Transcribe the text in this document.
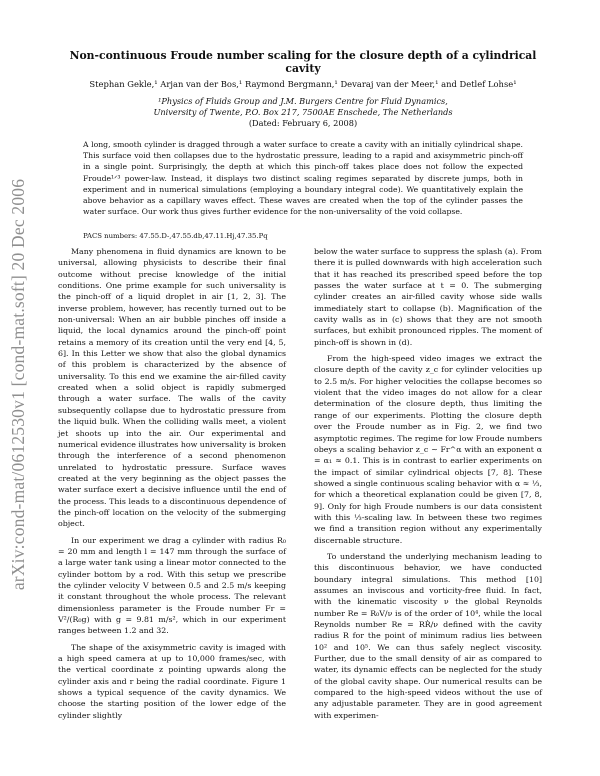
arXiv:cond-mat/0612530v1 [cond-mat.soft] 20 Dec 2006
Non-continuous Froude number scaling for the closure depth of a cylindrical cavity
Stephan Gekle,¹ Arjan van der Bos,¹ Raymond Bergmann,¹ Devaraj van der Meer,¹ and Detlef Lohse¹
¹Physics of Fluids Group and J.M. Burgers Centre for Fluid Dynamics,
University of Twente, P.O. Box 217, 7500AE Enschede, The Netherlands
(Dated: February 6, 2008)

A long, smooth cylinder is dragged through a water surface to create a cavity with an initially cylindrical shape. This surface void then collapses due to the hydrostatic pressure, leading to a rapid and axisymmetric pinch-off in a single point. Surprisingly, the depth at which this pinch-off takes place does not follow the expected Froude¹ᐟ³ power-law. Instead, it displays two distinct scaling regimes separated by discrete jumps, both in experiment and in numerical simulations (employing a boundary integral code). We quantitatively explain the above behavior as a capillary waves effect. These waves are created when the top of the cylinder passes the water surface. Our work thus gives further evidence for the non-universality of the void collapse.

PACS numbers: 47.55.D-,47.55.db,47.11.Hj,47.35.Pq

Many phenomena in fluid dynamics are known to be universal, allowing physicists to describe their final outcome without precise knowledge of the initial conditions. One prime example for such universality is the pinch-off of a liquid droplet in air [1, 2, 3]. The inverse problem, however, has recently turned out to be non-universal: When an air bubble pinches off inside a liquid, the local dynamics around the pinch-off point retains a memory of its creation until the very end [4, 5, 6]. In this Letter we show that also the global dynamics of this problem is characterized by the absence of universality. To this end we examine the air-filled cavity created when a solid object is rapidly submerged through a water surface. The walls of the cavity subsequently collapse due to hydrostatic pressure from the liquid bulk. When the colliding walls meet, a violent jet shoots up into the air. Our experimental and numerical evidence illustrates how universality is broken through the interference of a second phenomenon unrelated to hydrostatic pressure. Surface waves created at the very beginning as the object passes the water surface exert a decisive influence until the end of the process. This leads to a discontinuous dependence of the pinch-off location on the velocity of the submerging object.

In our experiment we drag a cylinder with radius R₀ = 20 mm and length l = 147 mm through the surface of a large water tank using a linear motor connected to the cylinder bottom by a rod. With this setup we prescribe the cylinder velocity V between 0.5 and 2.5 m/s keeping it constant throughout the whole process. The relevant dimensionless parameter is the Froude number Fr = V²/(R₀g) with g = 9.81 m/s², which in our experiment ranges between 1.2 and 32.

The shape of the axisymmetric cavity is imaged with a high speed camera at up to 10,000 frames/sec, with the vertical coordinate z pointing upwards along the cylinder axis and r being the radial coordinate. Figure 1 shows a typical sequence of the cavity dynamics. We choose the starting position of the lower edge of the cylinder slightly

below the water surface to suppress the splash (a). From there it is pulled downwards with high acceleration such that it has reached its prescribed speed before the top passes the water surface at t = 0. The submerging cylinder creates an air-filled cavity whose side walls immediately start to collapse (b). Magnification of the cavity walls as in (c) shows that they are not smooth surfaces, but exhibit pronounced ripples. The moment of pinch-off is shown in (d).

From the high-speed video images we extract the closure depth of the cavity z_c for cylinder velocities up to 2.5 m/s. For higher velocities the collapse becomes so violent that the video images do not allow for a clear determination of the closure depth, thus limiting the range of our experiments. Plotting the closure depth over the Froude number as in Fig. 2, we find two asymptotic regimes. The regime for low Froude numbers obeys a scaling behavior z_c ∼ Fr^α with an exponent α = α₁ ≈ 0.1. This is in contrast to earlier experiments on the impact of similar cylindrical objects [7, 8]. These showed a single continuous scaling behavior with α ≈ ⅓, for which a theoretical explanation could be given [7, 8, 9]. Only for high Froude numbers is our data consistent with this ⅓-scaling law. In between these two regimes we find a transition region without any experimentally discernable structure.

To understand the underlying mechanism leading to this discontinuous behavior, we have conducted boundary integral simulations. This method [10] assumes an inviscous and vorticity-free fluid. In fact, with the kinematic viscosity ν the global Reynolds number Re = R₀V/ν is of the order of 10⁴, while the local Reynolds number Re = RṘ/ν defined with the cavity radius R for the point of minimum radius lies between 10² and 10⁵. We can thus safely neglect viscosity. Further, due to the small density of air as compared to water, its dynamic effects can be neglected for the study of the global cavity shape. Our numerical results can be compared to the high-speed videos without the use of any adjustable parameter. They are in good agreement with experimen-
